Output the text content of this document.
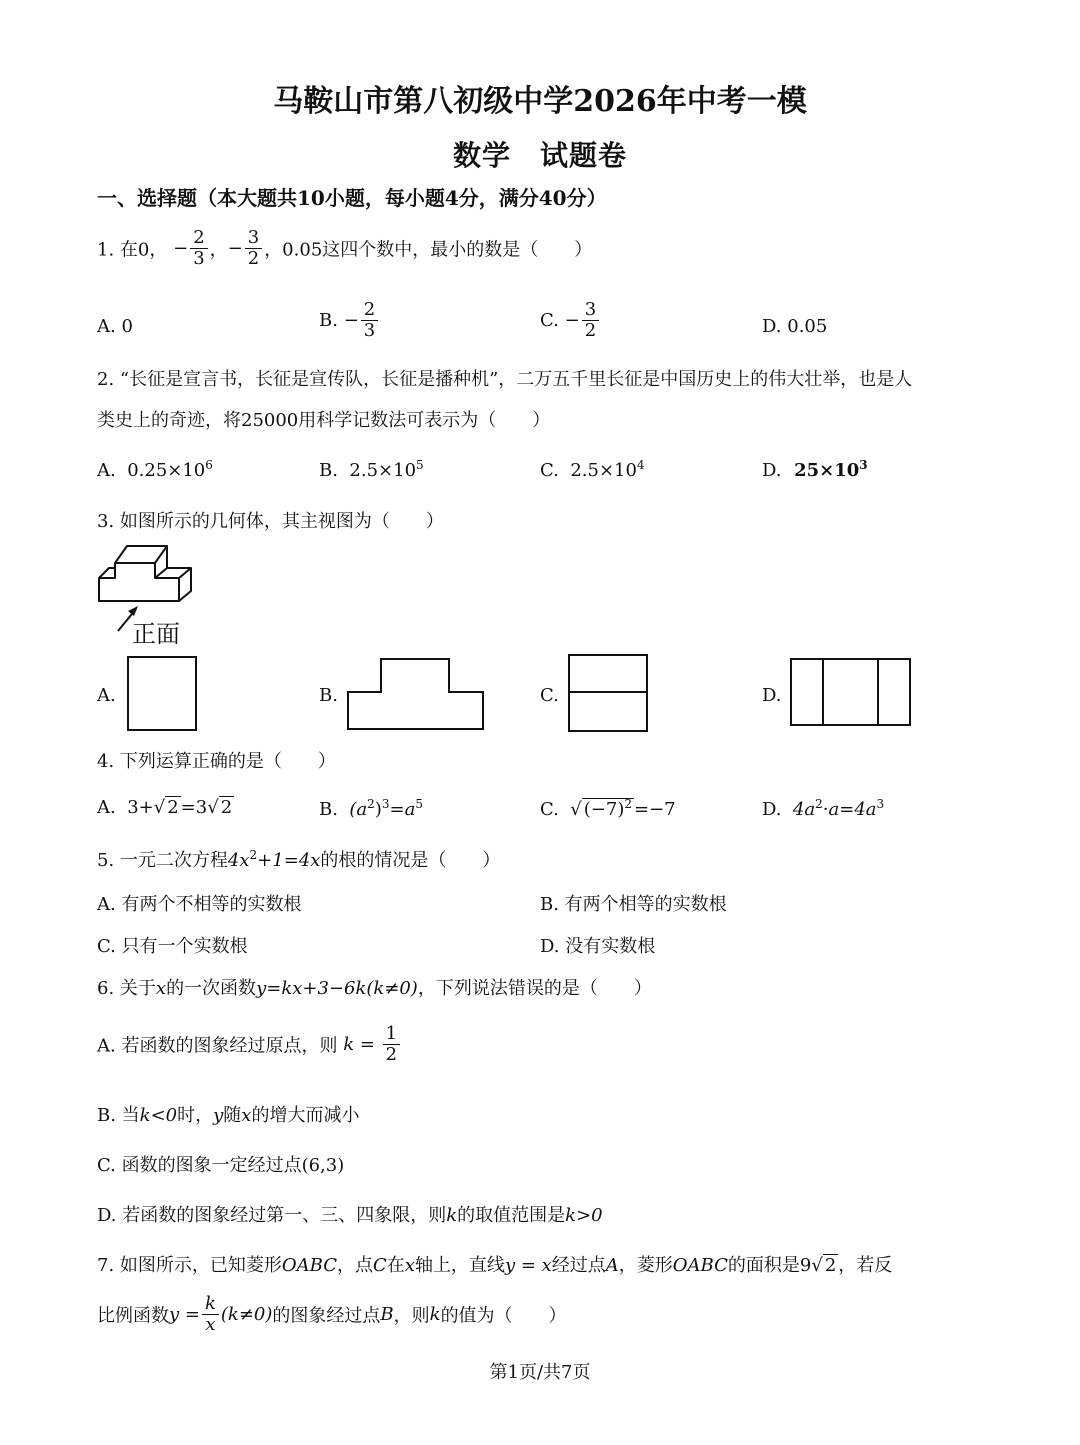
马鞍山市第八初级中学2026年中考一模
数学　试题卷
一、选择题（本大题共10小题，每小题4分，满分40分）
1. 在0， − $\frac{2}{3}$ ，− $\frac{3}{2}$ ，0.05这四个数中，最小的数是（　　）
A. 0	B. − $\frac{2}{3}$	C. − $\frac{3}{2}$	D. 0.05
2. “长征是宣言书，长征是宣传队，长征是播种机”，二万五千里长征是中国历史上的伟大壮举，也是人
类史上的奇迹，将25000用科学记数法可表示为（　　）
A. $0.25\times 10^6$	B. $2.5\times 10^5$	C. $2.5\times 10^4$	D. $25\times 10^3$
3. 如图所示的几何体，其主视图为（　　）
正面
A.	B.	C.	D.
4. 下列运算正确的是（　　）
A. 3+√ 2 =3√ 2	B. $(a^2)^3=a^5$	C.  √ $(-7)^2 =-7$	D. $4a^2\cdot a=4a^3$
5. 一元二次方程$4x^2+1=4x$的根的情况是（　　）
A. 有两个不相等的实数根	B. 有两个相等的实数根
C. 只有一个实数根	D. 没有实数根
6. 关于x的一次函数y=kx+3−6k(k≠0)，下列说法错误的是（　　）
A. 若函数的图象经过原点，则 $k = \frac{1}{2}$
B. 当k<0时，y随x的增大而减小
C. 函数的图象一定经过点(6,3)
D. 若函数的图象经过第一、三、四象限，则k的取值范围是k>0
7. 如图所示，已知菱形OABC，点C在x轴上，直线y = x经过点A，菱形OABC的面积是9√ 2 ，若反
比例函数$y = \frac{k}{x} (k\ne 0)$的图象经过点B，则k的值为（　　）
第1页/共7页
